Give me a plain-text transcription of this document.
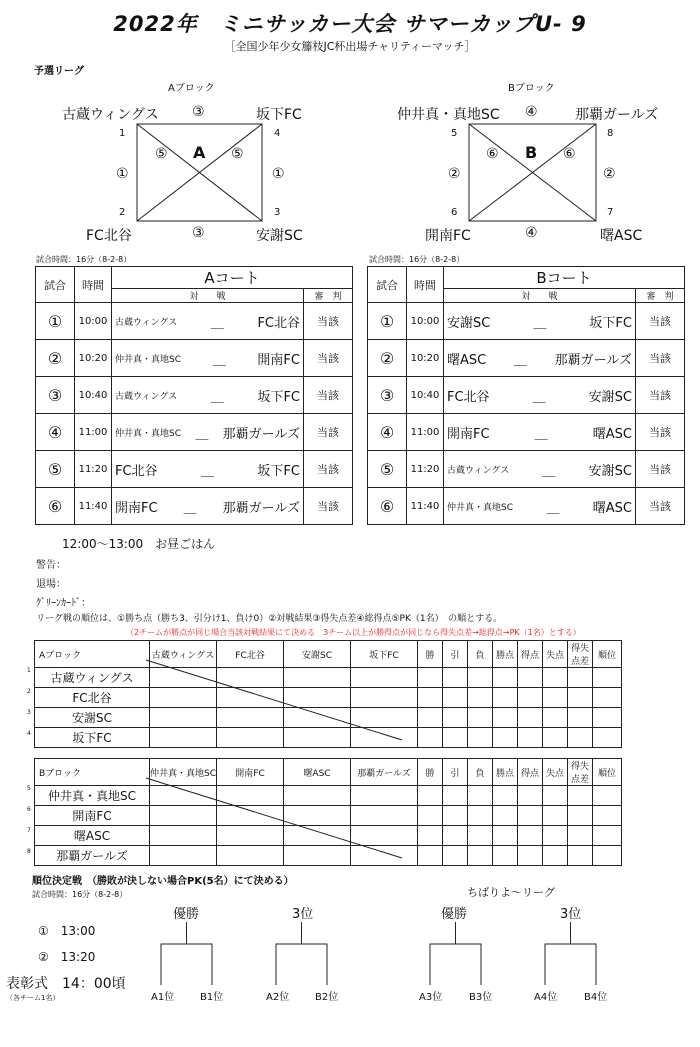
2022年　ミニサッカー大会 サマーカップU- 9
［全国少年少女籐枝JC杯出場チャリティーマッチ］
予選リーグ
Aブロック
古蔵ウィングス ③	坂下FC
1	4
⑤ A ⑤
①	①
2	3
FC北谷	③	安謝SC
Bブロック
仲井真・真地SC ④	那覇ガールズ
5	8
⑥ B ⑥
②	②
6	7
開南FC	④	曙ASC
試合時間：16分（8-2-8）	試合時間：16分（8-2-8）
試合	時間	Aコート	
		対　　戦	審　判
①	10:00	古蔵ウィングス ＿ FC北谷	当該
②	10:20	仲井真・真地SC ＿ 開南FC	当該
③	10:40	古蔵ウィングス ＿ 坂下FC	当該
④	11:00	仲井真・真地SC ＿ 那覇ガールズ	当該
⑤	11:20	FC北谷 ＿ 坂下FC	当該
⑥	11:40	開南FC ＿ 那覇ガールズ	当該
試合	時間	Bコート	
		対　　戦	審　判
①	10:00	安謝SC ＿ 坂下FC	当該
②	10:20	曙ASC ＿ 那覇ガールズ	当該
③	10:40	FC北谷 ＿ 安謝SC	当該
④	11:00	開南FC ＿ 曙ASC	当該
⑤	11:20	古蔵ウィングス ＿ 安謝SC	当該
⑥	11:40	仲井真・真地SC ＿ 曙ASC	当該
12:00～13:00　お昼ごはん
警告：
退場：
ｸﾞﾘｰﾝｶｰﾄﾞ：
リーグ戦の順位は、①勝ち点（勝ち3、引分け1、負け0）②対戦結果③得失点差④総得点⑤PK（1名）　の順とする。
（2チームが勝点が同じ場合当該対戦結果にて決める　3チーム以上が勝得点が同じなら得失点差→総得点→PK（1名）とする）
Aブロック	古蔵ウィングス	FC北谷	安謝SC	坂下FC	勝	引	負	勝点	得点	失点	得失点差	順位
古蔵ウィングス												
FC北谷												
安謝SC												
坂下FC												
Bブロック	仲井真・真地SC	開南FC	曙ASC	那覇ガールズ	勝	引	負	勝点	得点	失点	得失点差	順位
仲井真・真地SC												
開南FC												
曙ASC												
那覇ガールズ												
順位決定戦　（勝敗が決しない場合PK(5名）にて決める）
試合時間：16分（8-2-8）
①　13:00
②　13:20
表彰式　14：00頃
（各チーム1名）
ちばりよ～リーグ
優勝
A1位	B1位
3位
A2位	B2位
優勝
A3位	B3位
3位
A4位	B4位
1
2
3
4
5
6
7
8
